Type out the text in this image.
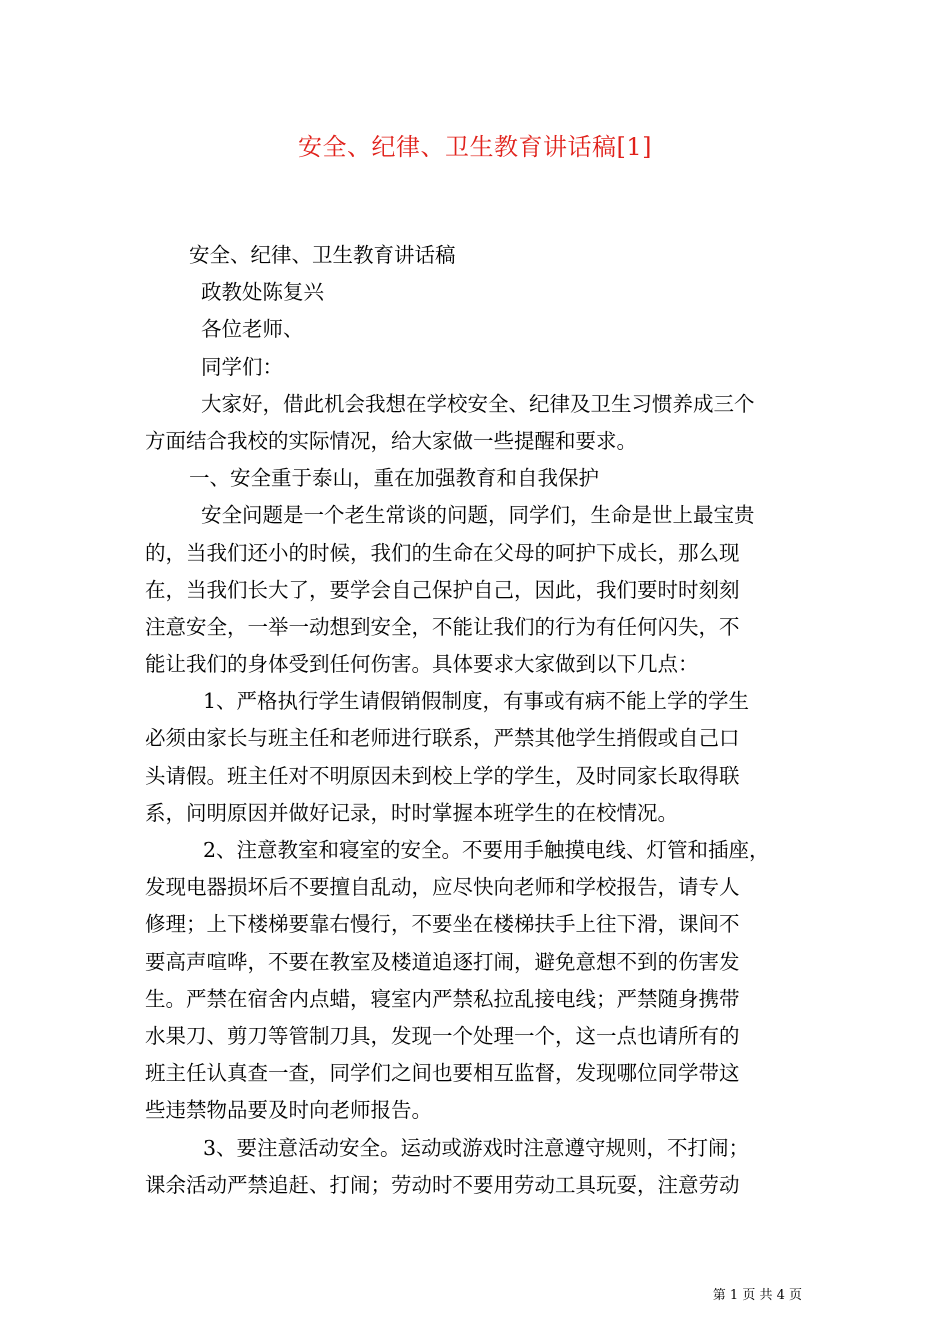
安全、纪律、卫生教育讲话稿[1]
安全、纪律、卫生教育讲话稿
政教处陈复兴
各位老师、
同学们：
大家好，借此机会我想在学校安全、纪律及卫生习惯养成三个
方面结合我校的实际情况，给大家做一些提醒和要求。
一、安全重于泰山，重在加强教育和自我保护
安全问题是一个老生常谈的问题，同学们，生命是世上最宝贵
的，当我们还小的时候，我们的生命在父母的呵护下成长，那么现
在，当我们长大了，要学会自己保护自己，因此，我们要时时刻刻
注意安全，一举一动想到安全，不能让我们的行为有任何闪失，不
能让我们的身体受到任何伤害。具体要求大家做到以下几点：
1、严格执行学生请假销假制度，有事或有病不能上学的学生
必须由家长与班主任和老师进行联系，严禁其他学生捎假或自己口
头请假。班主任对不明原因未到校上学的学生，及时同家长取得联
系，问明原因并做好记录，时时掌握本班学生的在校情况。
2、注意教室和寝室的安全。不要用手触摸电线、灯管和插座，
发现电器损坏后不要擅自乱动，应尽快向老师和学校报告，请专人
修理；上下楼梯要靠右慢行，不要坐在楼梯扶手上往下滑，课间不
要高声喧哗，不要在教室及楼道追逐打闹，避免意想不到的伤害发
生。严禁在宿舍内点蜡，寝室内严禁私拉乱接电线；严禁随身携带
水果刀、剪刀等管制刀具，发现一个处理一个，这一点也请所有的
班主任认真查一查，同学们之间也要相互监督，发现哪位同学带这
些违禁物品要及时向老师报告。
3、要注意活动安全。运动或游戏时注意遵守规则，不打闹；
课余活动严禁追赶、打闹；劳动时不要用劳动工具玩耍，注意劳动
第 1 页 共 4 页
